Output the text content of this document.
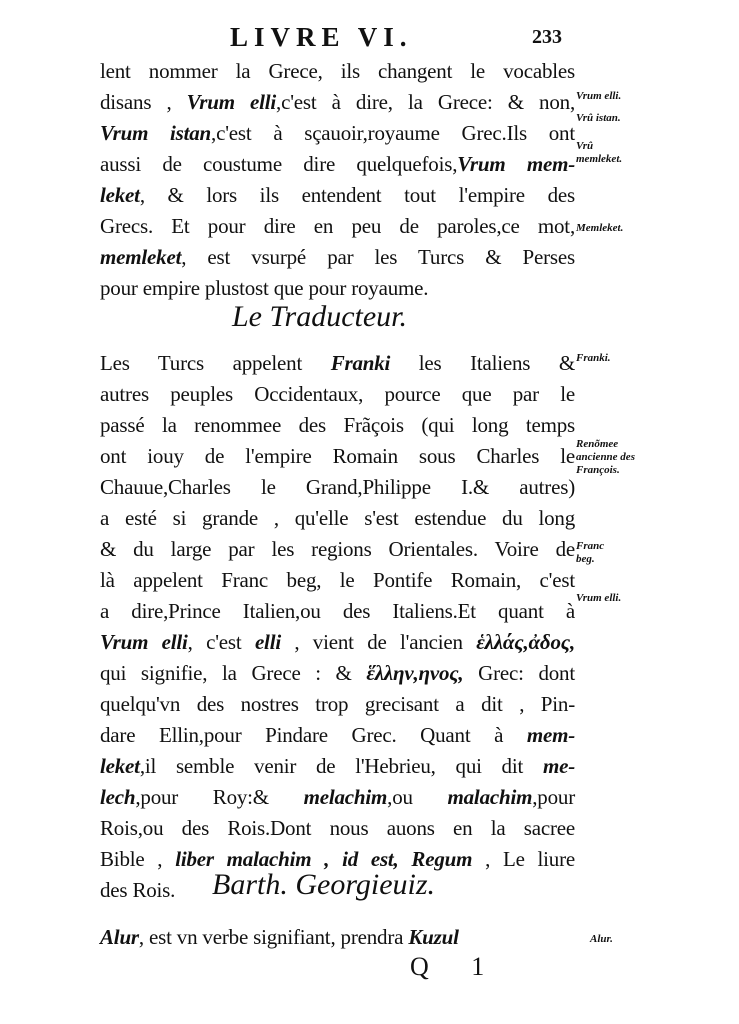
LIVRE VI.	233
lent nommer la Grece, ils changent le vocables
disans , Vrum elli,c'est à dire, la Grece: & non,
Vrum istan,c'est à sçauoir,royaume Grec.Ils ont
aussi de coustume dire quelquefois,Vrum mem-
leket, & lors ils entendent tout l'empire des
Grecs. Et pour dire en peu de paroles,ce mot,
memleket, est vsurpé par les Turcs & Perses
pour empire plustost que pour royaume.
Vrum elli.
Vrû istan.
Vrû memleket.
Memleket.
Le Traducteur.
Les Turcs appelent Franki les Italiens &
autres peuples Occidentaux, pource que par le
passé la renommee des Frãçois (qui long temps
ont iouy de l'empire Romain sous Charles le
Chauue,Charles le Grand,Philippe I.& autres)
a esté si grande , qu'elle s'est estendue du long
& du large par les regions Orientales. Voire de
là appelent Franc beg, le Pontife Romain, c'est
a dire,Prince Italien,ou des Italiens.Et quant à
Vrum elli, c'est elli , vient de l'ancien ἑλλάς,ἀδος,
qui signifie, la Grece : & ἕλλην,ηνος, Grec: dont
quelqu'vn des nostres trop grecisant a dit , Pin-
dare Ellin,pour Pindare Grec. Quant à mem-
leket,il semble venir de l'Hebrieu, qui dit me-
lech,pour Roy:& melachim,ou malachim,pour
Rois,ou des Rois.Dont nous auons en la sacree
Bible , liber malachim , id est, Regum , Le liure
des Rois.
Franki.
Renõmee ancienne des François.
Franc beg.
Vrum elli.
Barth. Georgieuiz.
Alur, est vn verbe signifiant, prendra Kuzul	Alur.
Q 1
